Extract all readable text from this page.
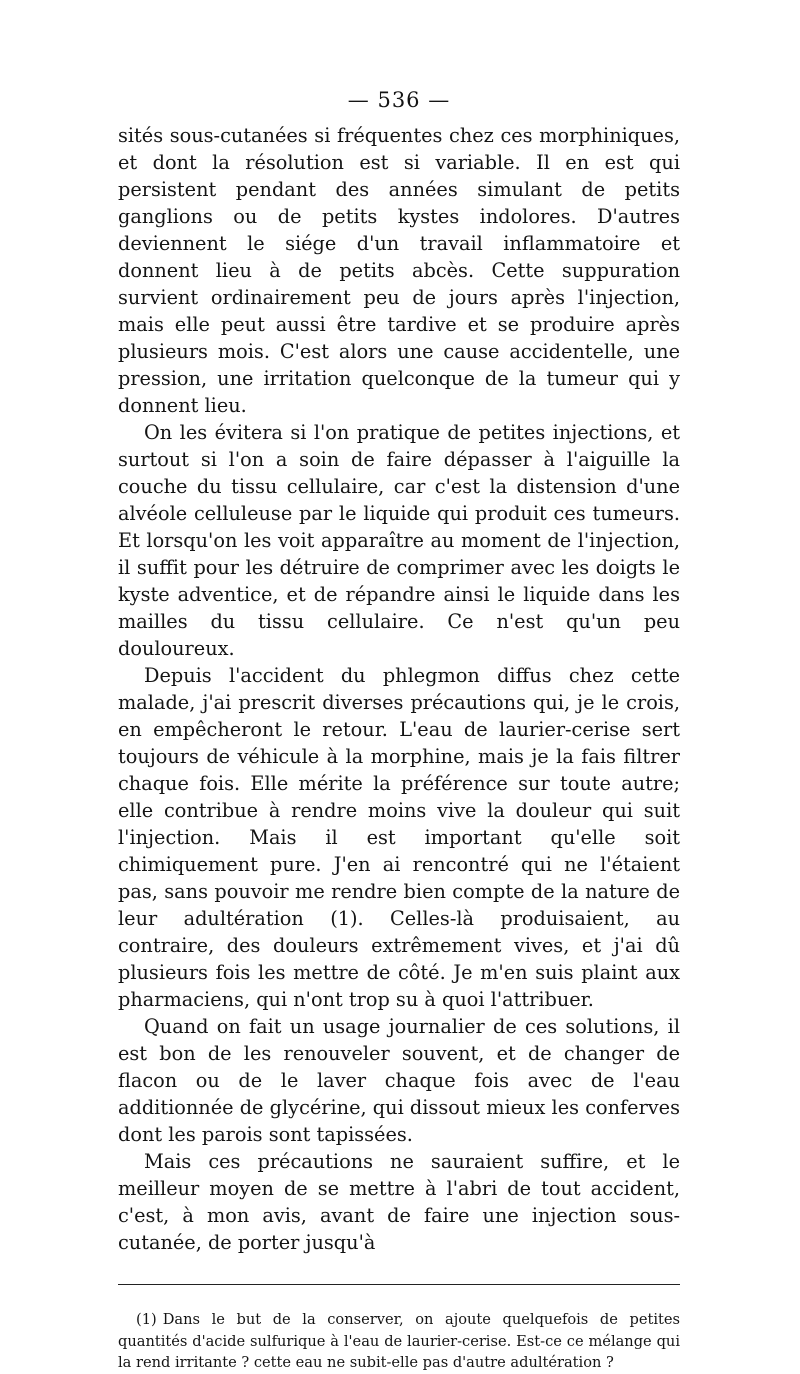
— 536 —

sités sous-cutanées si fréquentes chez ces morphiniques, et dont la résolution est si variable. Il en est qui persistent pendant des années simulant de petits ganglions ou de petits kystes indolores. D'autres deviennent le siége d'un travail inflammatoire et donnent lieu à de petits abcès. Cette suppuration survient ordinairement peu de jours après l'injection, mais elle peut aussi être tardive et se produire après plusieurs mois. C'est alors une cause accidentelle, une pression, une irritation quelconque de la tumeur qui y donnent lieu.

On les évitera si l'on pratique de petites injections, et surtout si l'on a soin de faire dépasser à l'aiguille la couche du tissu cellulaire, car c'est la distension d'une alvéole celluleuse par le liquide qui produit ces tumeurs. Et lorsqu'on les voit apparaître au moment de l'injection, il suffit pour les détruire de comprimer avec les doigts le kyste adventice, et de répandre ainsi le liquide dans les mailles du tissu cellulaire. Ce n'est qu'un peu douloureux.

Depuis l'accident du phlegmon diffus chez cette malade, j'ai prescrit diverses précautions qui, je le crois, en empêcheront le retour. L'eau de laurier-cerise sert toujours de véhicule à la morphine, mais je la fais filtrer chaque fois. Elle mérite la préférence sur toute autre; elle contribue à rendre moins vive la douleur qui suit l'injection. Mais il est important qu'elle soit chimiquement pure. J'en ai rencontré qui ne l'étaient pas, sans pouvoir me rendre bien compte de la nature de leur adultération (1). Celles-là produisaient, au contraire, des douleurs extrêmement vives, et j'ai dû plusieurs fois les mettre de côté. Je m'en suis plaint aux pharmaciens, qui n'ont trop su à quoi l'attribuer.

Quand on fait un usage journalier de ces solutions, il est bon de les renouveler souvent, et de changer de flacon ou de le laver chaque fois avec de l'eau additionnée de glycérine, qui dissout mieux les conferves dont les parois sont tapissées.

Mais ces précautions ne sauraient suffire, et le meilleur moyen de se mettre à l'abri de tout accident, c'est, à mon avis, avant de faire une injection sous-cutanée, de porter jusqu'à

(1) Dans le but de la conserver, on ajoute quelquefois de petites quantités d'acide sulfurique à l'eau de laurier-cerise. Est-ce ce mélange qui la rend irritante ? cette eau ne subit-elle pas d'autre adultération ?
